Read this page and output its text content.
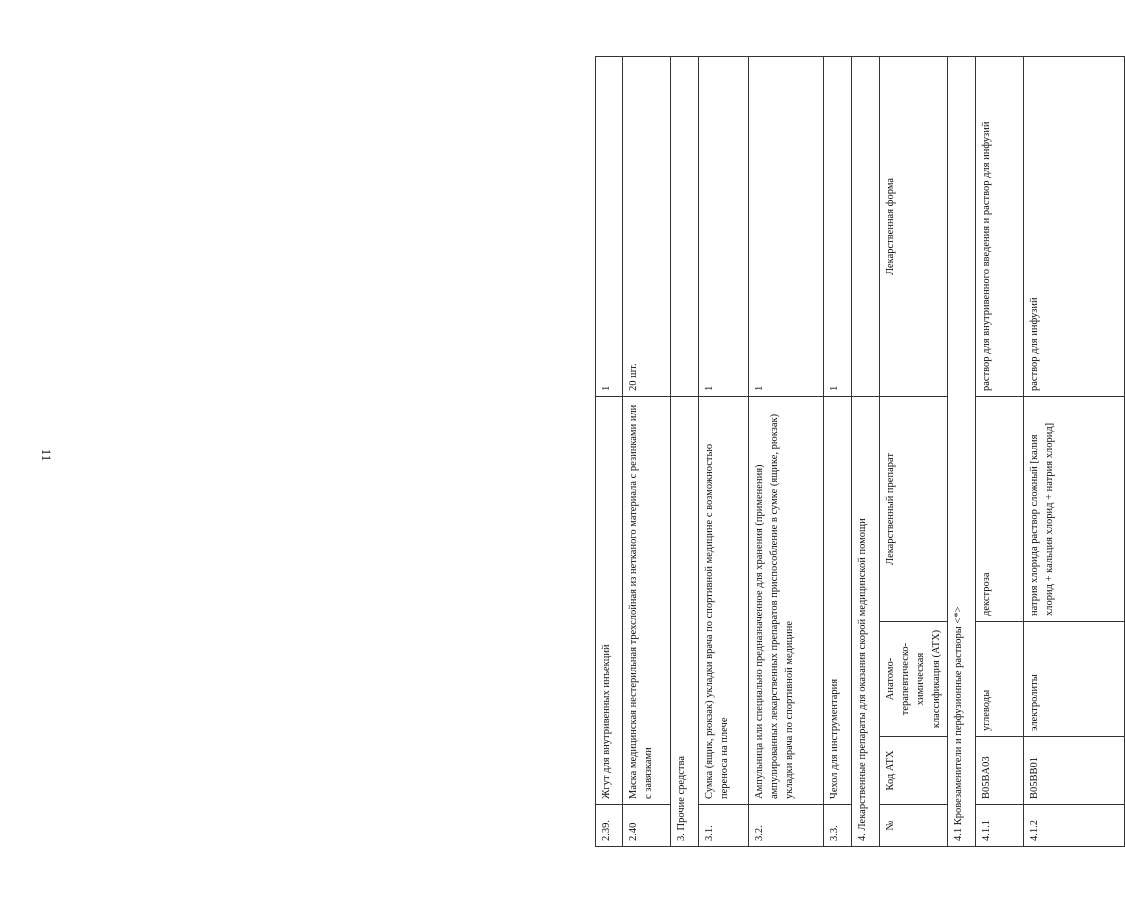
11
2.39.	Жгут для внутривенных инъекций			1
2.40	Маска медицинская нестерильная трехслойная из нетканого материала с резинками или с завязками			20 шт.
3. Прочие средства				
3.1.	Сумка (ящик, рюкзак) укладки врача по спортивной медицине с возможностью переноса на плече			1
3.2.	Ампульница или специально предназначенное для хранения (применения) ампулированных лекарственных препаратов приспособление в сумке (ящике, рюкзак) укладки врача по спортивной медицине			1
3.3.	Чехол для инструментария			1
4. Лекарственные препараты для оказания скорой медицинской помощи				
№	Код АТХ	Анатомо-терапевтическо-химическая классификация (АТХ)	Лекарственный препарат	Лекарственная форма
4.1 Кровезаменители и перфузионные растворы <*>				
4.1.1	B05BA03	углеводы	декстроза	раствор для внутривенного введения и раствор для инфузий
4.1.2	B05BB01	электролиты	натрия хлорида раствор сложный [калия хлорид + кальция хлорид + натрия хлорид]	раствор для инфузий
